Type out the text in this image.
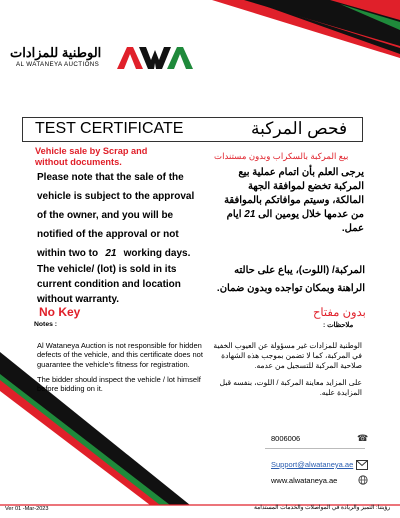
الوطنية للمزادات
AL WATANEYA AUCTIONS
AWA
TEST CERTIFICATE	فحص المركبة
Vehicle sale by Scrap and without documents.
بيع المركبة بالسكراب وبدون مستندات
Please note that the sale of the vehicle is subject to the approval of the owner, and you will be notified of the approval or not within two to 21 working days.
يرجى العلم بأن اتمام عملية بيع المركبة تخضع لموافقة الجهة المالكة، وسيتم موافاتكم بالموافقة من عدمها خلال يومين الى 21 ايام عمل.
The vehicle/ (lot) is sold in its current condition and location without warranty.
المركبة/ (اللوت)، يباع على حالته الراهنة وبمكان تواجده وبدون ضمان.
No Key	بدون مفتاح
Notes :	ملاحظات :
Al Wataneya Auction is not responsible for hidden defects of the vehicle, and this certificate does not guarantee the vehicle's fitness for registration.
الوطنية للمزادات غير مسؤولة عن العيوب الخفية في المركبة، كما لا تضمن بموجب هذه الشهادة صلاحية المركبة للتسجيل من عدمه.
The bidder should inspect the vehicle / lot himself before bidding on it.
على المزايد معاينة المركبة / اللوت، بنفسه قبل المزايدة عليه.
8006006	☎
Support@alwataneya.ae
www.alwataneya.ae
Ver 01 -Mar-2023	رؤيتنا: التميز والريادة في المواصلات والخدمات المستدامة
